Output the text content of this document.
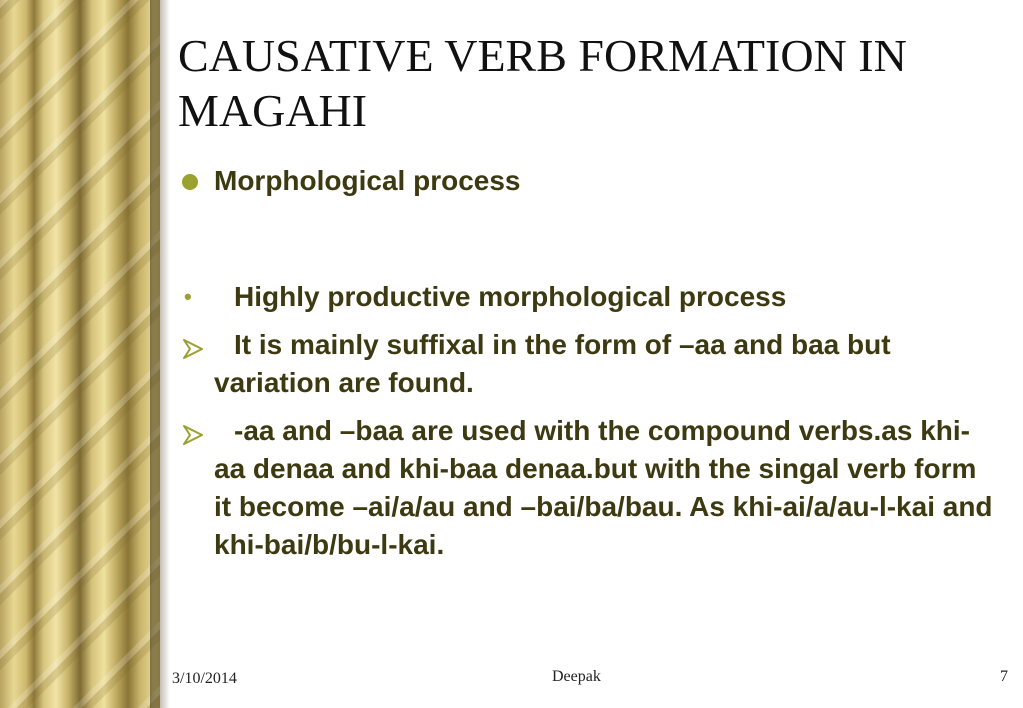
CAUSATIVE VERB FORMATION IN MAGAHI
Morphological process
• Highly productive morphological process
It is mainly suffixal in the form of –aa and baa but variation are found.
-aa and –baa are used with the compound verbs.as khi-aa denaa and khi-baa denaa.but with the singal verb form it become –ai/a/au and –bai/ba/bau. As khi-ai/a/au-l-kai and khi-bai/b/bu-l-kai.
3/10/2014	Deepak	7
